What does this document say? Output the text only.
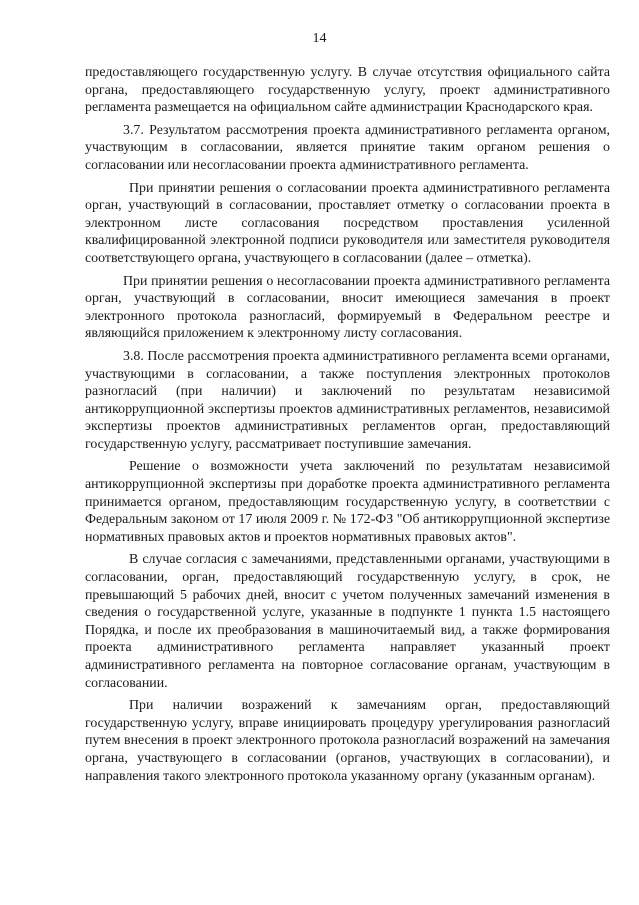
14

предоставляющего государственную услугу. В случае отсутствия официального сайта органа, предоставляющего государственную услугу, проект административного регламента размещается на официальном сайте администрации Краснодарского края.

3.7. Результатом рассмотрения проекта административного регламента органом, участвующим в согласовании, является принятие таким органом решения о согласовании или несогласовании проекта административного регламента.

При принятии решения о согласовании проекта административного регламента орган, участвующий в согласовании, проставляет отметку о согласовании проекта в электронном листе согласования посредством проставления усиленной квалифицированной электронной подписи руководителя или заместителя руководителя соответствующего органа, участвующего в согласовании (далее – отметка).

При принятии решения о несогласовании проекта административного регламента орган, участвующий в согласовании, вносит имеющиеся замечания в проект электронного протокола разногласий, формируемый в Федеральном реестре и являющийся приложением к электронному листу согласования.

3.8. После рассмотрения проекта административного регламента всеми органами, участвующими в согласовании, а также поступления электронных протоколов разногласий (при наличии) и заключений по результатам независимой антикоррупционной экспертизы проектов административных регламентов, независимой экспертизы проектов административных регламентов орган, предоставляющий государственную услугу, рассматривает поступившие замечания.

Решение о возможности учета заключений по результатам независимой антикоррупционной экспертизы при доработке проекта административного регламента принимается органом, предоставляющим государственную услугу, в соответствии с Федеральным законом от 17 июля 2009 г. № 172-ФЗ "Об антикоррупционной экспертизе нормативных правовых актов и проектов нормативных правовых актов".

В случае согласия с замечаниями, представленными органами, участвующими в согласовании, орган, предоставляющий государственную услугу, в срок, не превышающий 5 рабочих дней, вносит с учетом полученных замечаний изменения в сведения о государственной услуге, указанные в подпункте 1 пункта 1.5 настоящего Порядка, и после их преобразования в машиночитаемый вид, а также формирования проекта административного регламента направляет указанный проект административного регламента на повторное согласование органам, участвующим в согласовании.

При наличии возражений к замечаниям орган, предоставляющий государственную услугу, вправе инициировать процедуру урегулирования разногласий путем внесения в проект электронного протокола разногласий возражений на замечания органа, участвующего в согласовании (органов, участвующих в согласовании), и направления такого электронного протокола указанному органу (указанным органам).
